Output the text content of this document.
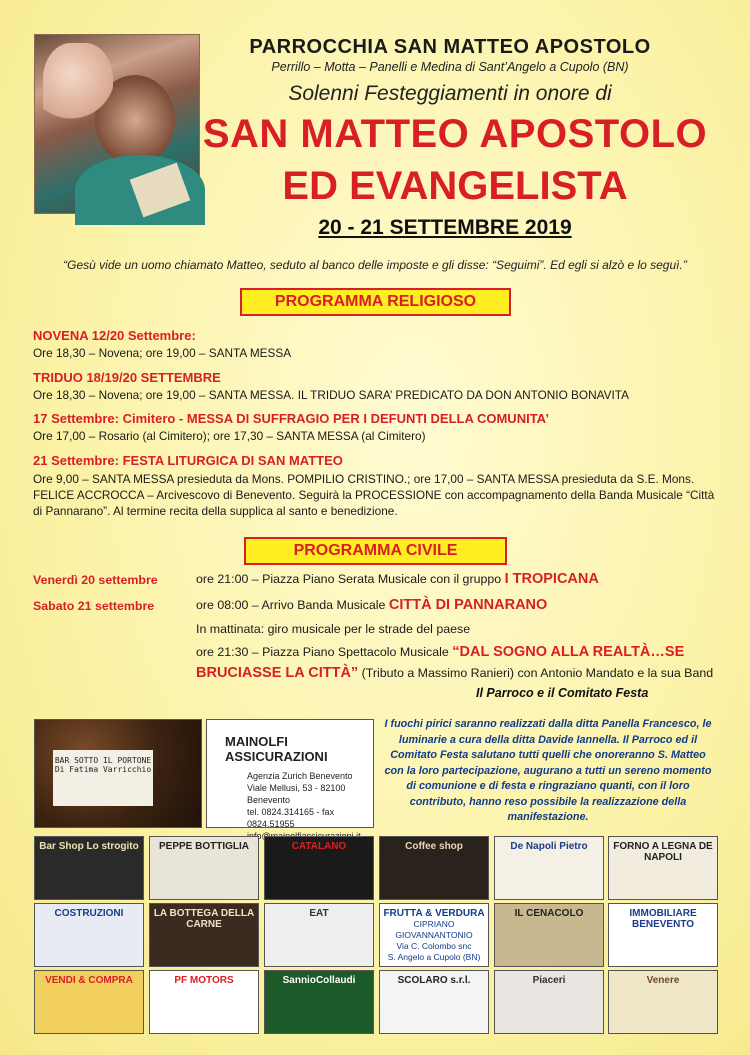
PARROCCHIA SAN MATTEO APOSTOLO
Perrillo – Motta – Panelli e Medina di Sant’Angelo a Cupolo (BN)
Solenni Festeggiamenti in onore di
SAN MATTEO APOSTOLO
ED EVANGELISTA
20 - 21 SETTEMBRE 2019
“Gesù vide un uomo chiamato Matteo, seduto al banco delle imposte e gli disse: “Seguimi”. Ed egli si alzò e lo seguì.”
PROGRAMMA RELIGIOSO
NOVENA 12/20 Settembre:
Ore 18,30 – Novena; ore 19,00 – SANTA MESSA
TRIDUO 18/19/20 SETTEMBRE
Ore 18,30 – Novena; ore 19,00 – SANTA MESSA. IL TRIDUO SARA’ PREDICATO DA DON ANTONIO BONAVITA
17 Settembre: Cimitero - MESSA DI SUFFRAGIO PER I DEFUNTI DELLA COMUNITA’
Ore 17,00 – Rosario (al Cimitero); ore 17,30 – SANTA MESSA (al Cimitero)
21 Settembre: FESTA LITURGICA DI SAN MATTEO
Ore 9,00 – SANTA MESSA presieduta da Mons. POMPILIO CRISTINO.; ore 17,00 – SANTA MESSA presieduta da S.E. Mons. FELICE ACCROCCA – Arcivescovo di Benevento. Seguirà la PROCESSIONE con accompagnamento della Banda Musicale “Città di Pannarano”. Al termine recita della supplica al santo e benedizione.
PROGRAMMA CIVILE
Venerdì 20 settembre	ore 21:00 – Piazza Piano Serata Musicale con il gruppo I TROPICANA
Sabato 21 settembre	ore 08:00 – Arrivo Banda Musicale CITTÀ DI PANNARANO
In mattinata: giro musicale per le strade del paese
ore 21:30 – Piazza Piano Spettacolo Musicale “DAL SOGNO ALLA REALTÀ…SE
BRUCIASSE LA CITTÀ” (Tributo a Massimo Ranieri) con Antonio Mandato e la sua Band
Il Parroco e il Comitato Festa
BAR SOTTO IL PORTONE
Di Fatima Varricchio
MAINOLFI ASSICURAZIONI
Agenzia Zurich Benevento
Viale Mellusi, 53 - 82100 Benevento
tel. 0824.314165 - fax 0824.51955
I fuochi pirici saranno realizzati dalla ditta Panella Francesco, le luminarie a cura della ditta Davide Iannella. Il Parroco ed il Comitato Festa salutano tutti quelli che onoreranno S. Matteo con la loro partecipazione, augurano a tutti un sereno momento di comunione e di festa e ringraziano quanti, con il loro contributo, hanno reso possibile la realizzazione della manifestazione.
Bar Shop Lo strogito	PEPPE BOTTIGLIA	CATALANO	Coffee shop	De Napoli Pietro	FORNO A LEGNA DE NAPOLI
COSTRUZIONI	LA BOTTEGA DELLA CARNE
EAT	FRUTTA & VERDURA
CIPRIANO GIOVANNANTONIO
Via C. Colombo snc
S. Angelo a Cupolo (BN)
IL CENACOLO	IMMOBILIARE BENEVENTO
VENDI & COMPRA	PF MOTORS	SannioCollaudi	SCOLARO s.r.l.	Piaceri	Venere
